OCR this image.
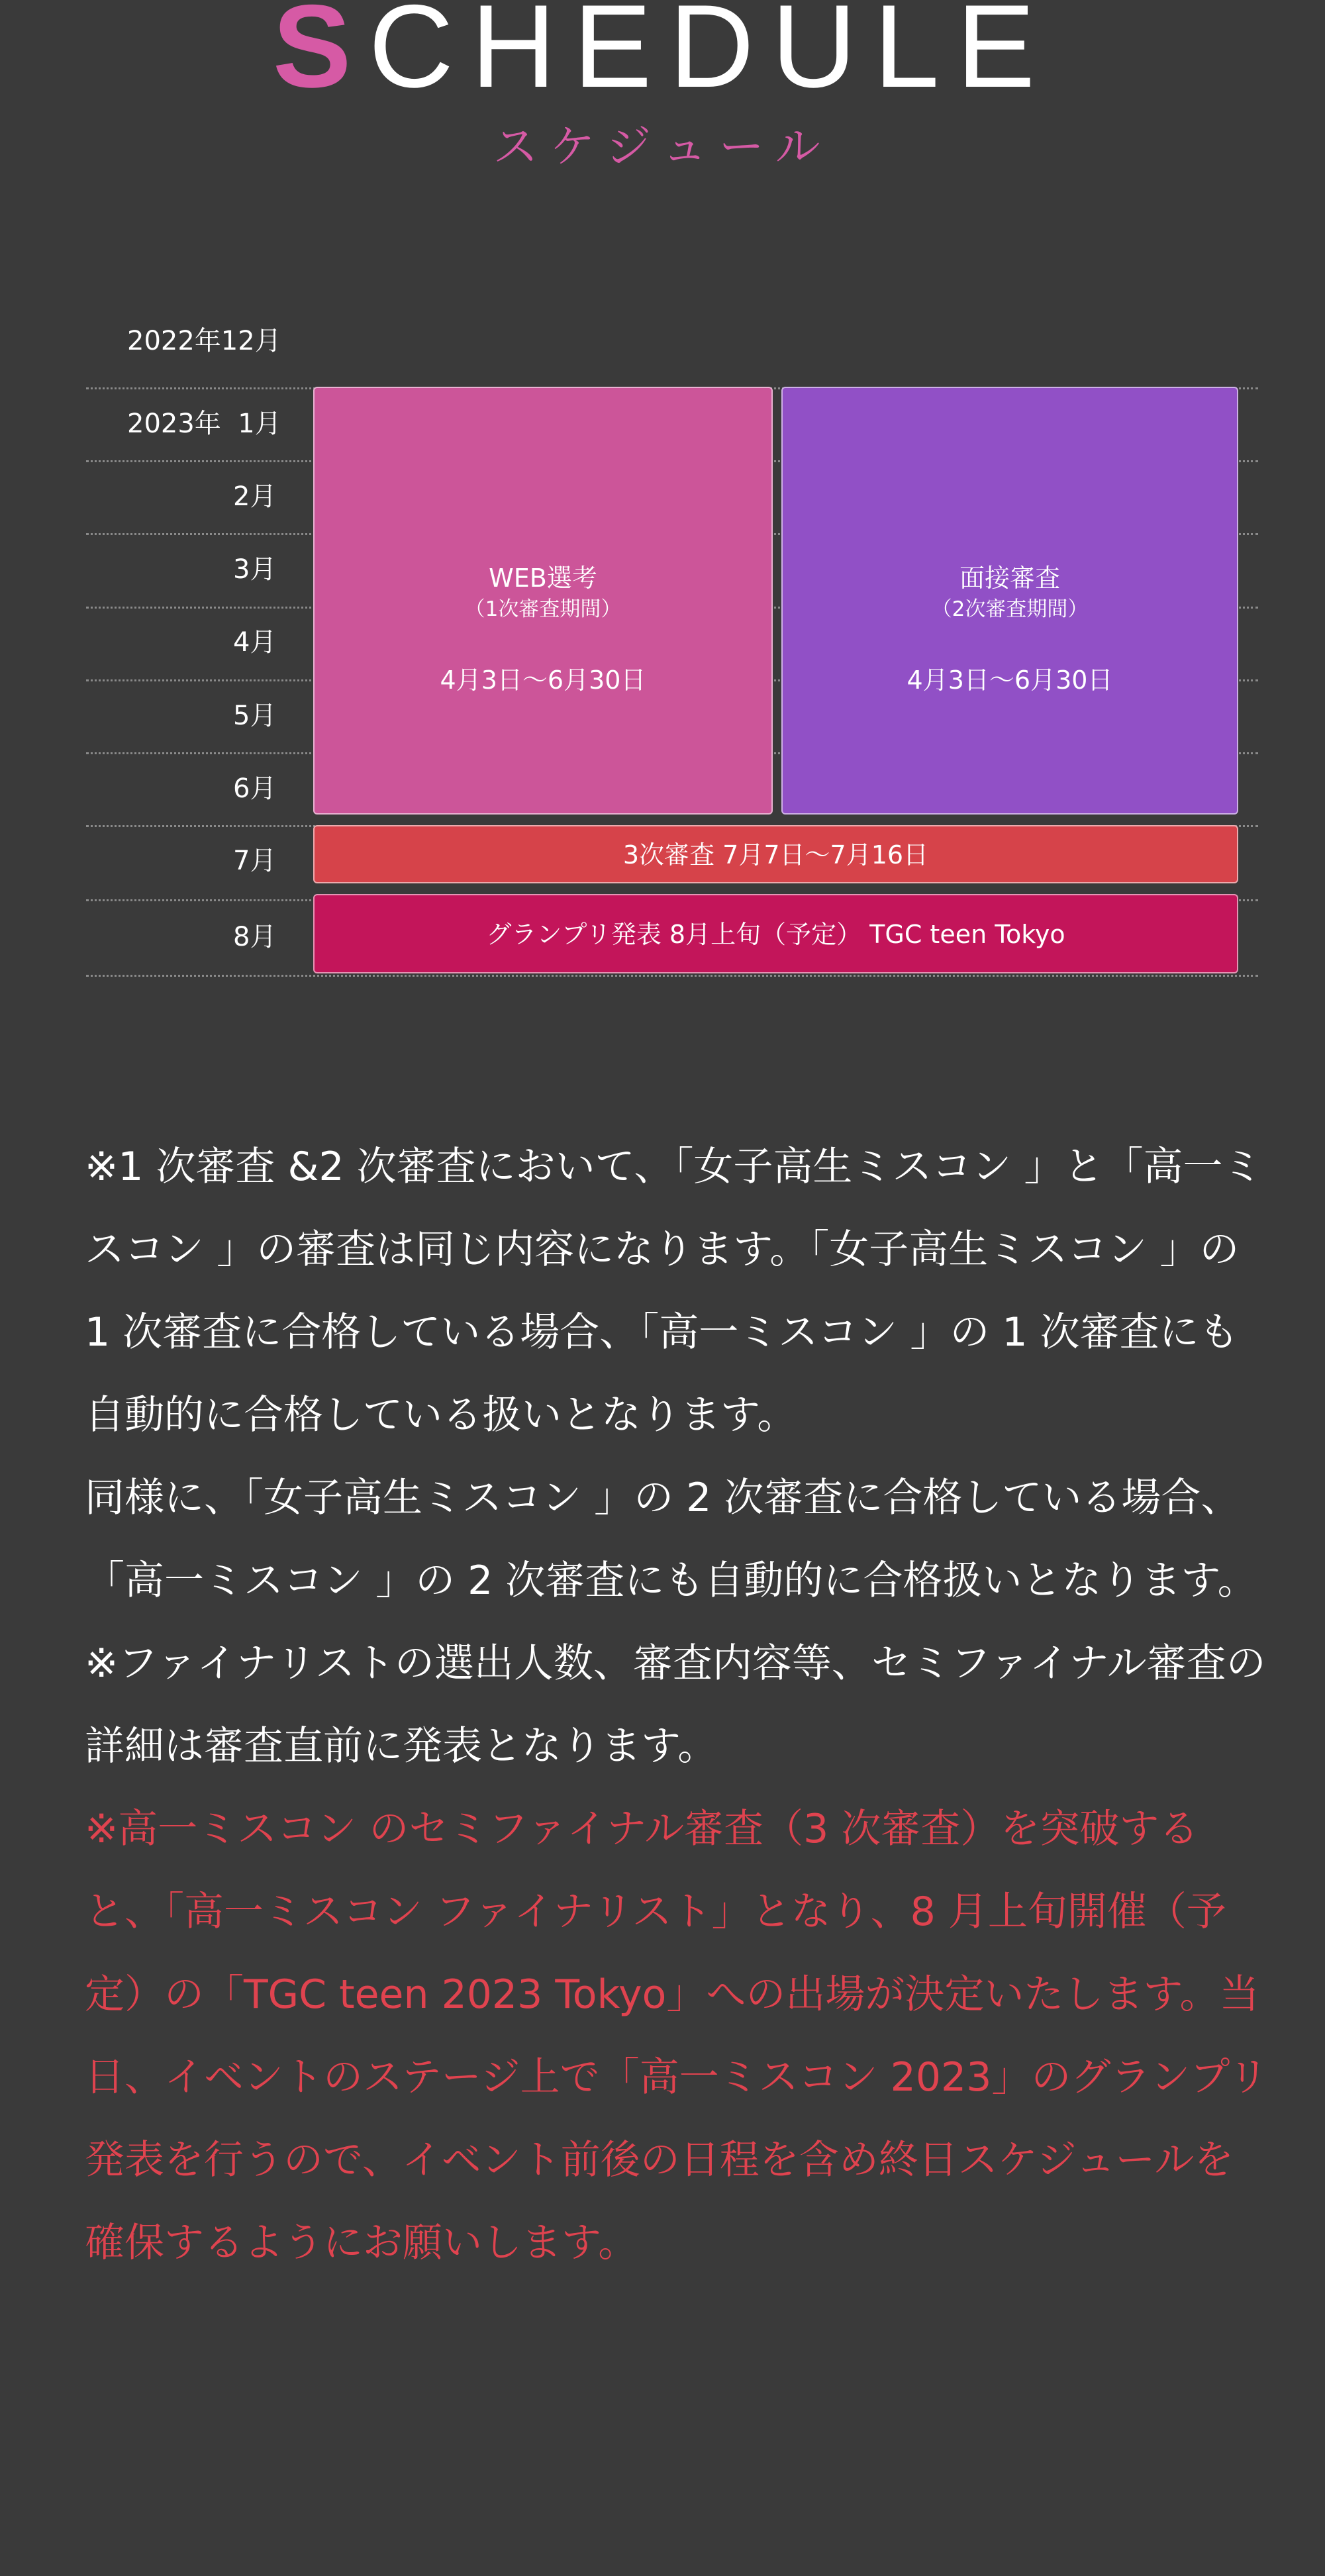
SCHEDULE
スケジュール
2022年12月
2023年  1月
2月
3月
4月
5月
6月
7月
8月
WEB選考
（1次審査期間）
4月3日〜6月30日
面接審査
（2次審査期間）
4月3日〜6月30日
3次審査 7月7日〜7月16日
グランプリ発表 8月上旬（予定） TGC teen Tokyo

※1 次審査 &2 次審査において、「女子高生ミスコン 」と「高一ミスコン 」の審査は同じ内容になります。「女子高生ミスコン 」の 1 次審査に合格している場合、「高一ミスコン 」の 1 次審査にも自動的に合格している扱いとなります。

同様に、「女子高生ミスコン 」の 2 次審査に合格している場合、「高一ミスコン 」の 2 次審査にも自動的に合格扱いとなります。

※ファイナリストの選出人数、審査内容等、セミファイナル審査の詳細は審査直前に発表となります。

※高一ミスコン のセミファイナル審査（3 次審査）を突破すると、「高一ミスコン ファイナリスト」となり、8 月上旬開催（予定）の「TGC teen 2023 Tokyo」への出場が決定いたします。当日、イベントのステージ上で「高一ミスコン 2023」のグランプリ発表を行うので、イベント前後の日程を含め終日スケジュールを確保するようにお願いします。
